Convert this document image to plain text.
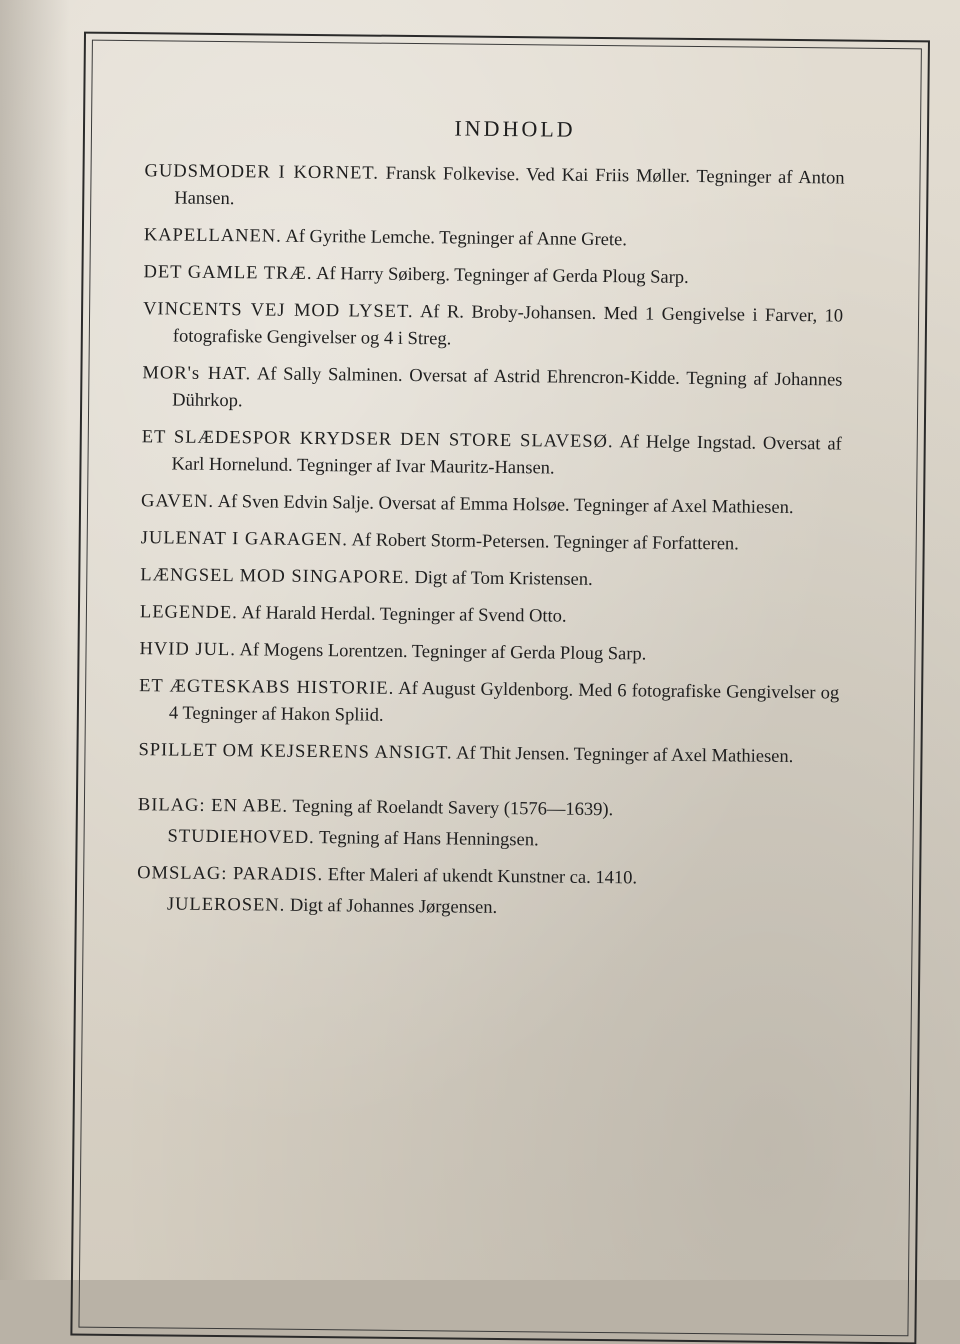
INDHOLD
GUDSMODER I KORNET. Fransk Folkevise. Ved Kai Friis Møller. Tegninger af Anton Hansen.
KAPELLANEN. Af Gyrithe Lemche. Tegninger af Anne Grete.
DET GAMLE TRÆ. Af Harry Søiberg. Tegninger af Gerda Ploug Sarp.
VINCENTS VEJ MOD LYSET. Af R. Broby-Johansen. Med 1 Gengivelse i Farver, 10 fotografiske Gengivelser og 4 i Streg.
MOR's HAT. Af Sally Salminen. Oversat af Astrid Ehrencron-Kidde. Tegning af Johannes Dührkop.
ET SLÆDESPOR KRYDSER DEN STORE SLAVESØ. Af Helge Ingstad. Oversat af Karl Hornelund. Tegninger af Ivar Mauritz-Hansen.
GAVEN. Af Sven Edvin Salje. Oversat af Emma Holsøe. Tegninger af Axel Mathiesen.
JULENAT I GARAGEN. Af Robert Storm-Petersen. Tegninger af Forfatteren.
LÆNGSEL MOD SINGAPORE. Digt af Tom Kristensen.
LEGENDE. Af Harald Herdal. Tegninger af Svend Otto.
HVID JUL. Af Mogens Lorentzen. Tegninger af Gerda Ploug Sarp.
ET ÆGTESKABS HISTORIE. Af August Gyldenborg. Med 6 fotografiske Gengivelser og 4 Tegninger af Hakon Spliid.
SPILLET OM KEJSERENS ANSIGT. Af Thit Jensen. Tegninger af Axel Mathiesen.
BILAG: EN ABE. Tegning af Roelandt Savery (1576—1639).
STUDIEHOVED. Tegning af Hans Henningsen.
OMSLAG: PARADIS. Efter Maleri af ukendt Kunstner ca. 1410.
JULEROSEN. Digt af Johannes Jørgensen.
